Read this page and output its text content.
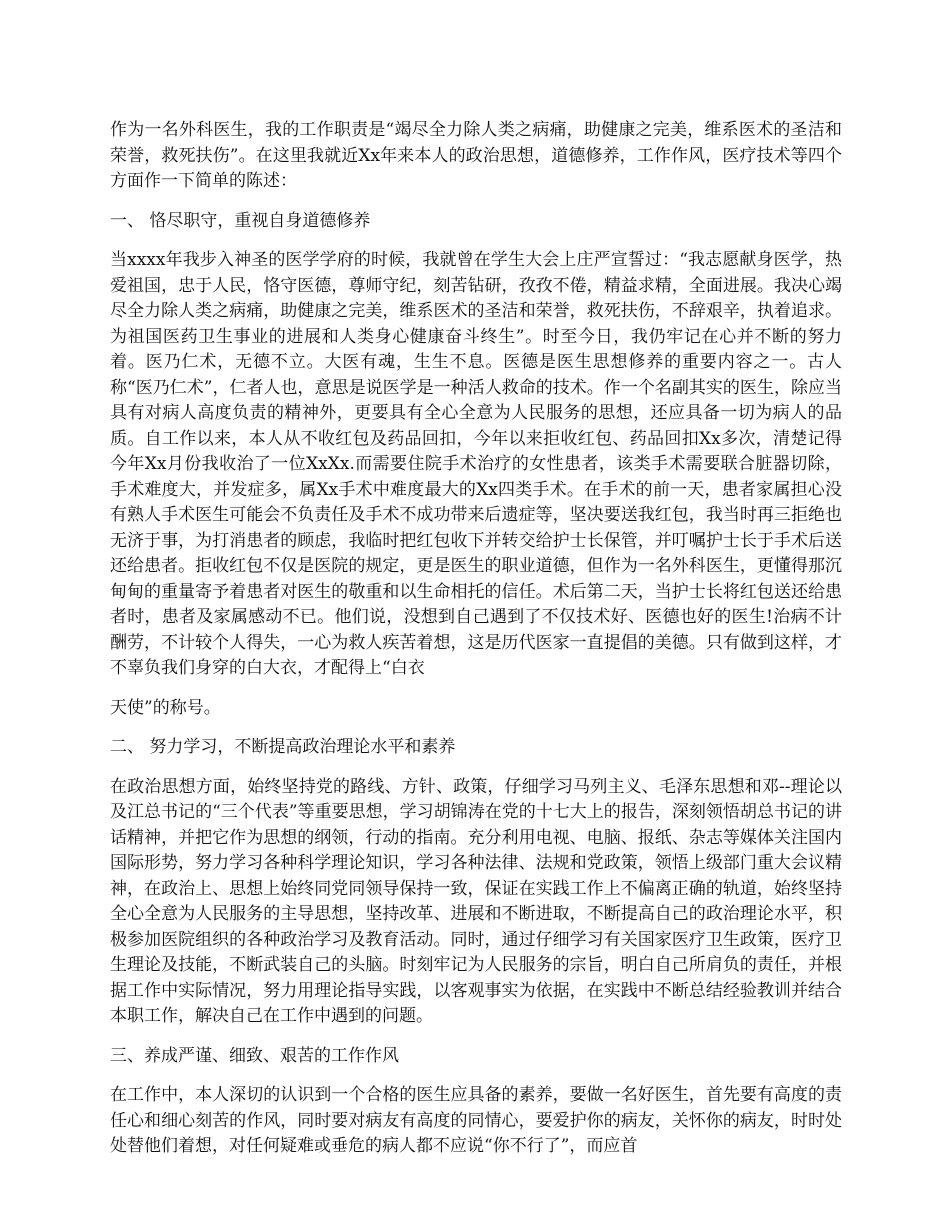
作为一名外科医生，我的工作职责是“竭尽全力除人类之病痛，助健康之完美，维系医术的圣洁和荣誉，救死扶伤”。在这里我就近Xx年来本人的政治思想，道德修养，工作作风，医疗技术等四个方面作一下简单的陈述：

一、 恪尽职守，重视自身道德修养

当xxxx年我步入神圣的医学学府的时候，我就曾在学生大会上庄严宣誓过：“我志愿献身医学，热爱祖国，忠于人民，恪守医德，尊师守纪，刻苦钻研，孜孜不倦，精益求精，全面进展。我决心竭尽全力除人类之病痛，助健康之完美，维系医术的圣洁和荣誉，救死扶伤，不辞艰辛，执着追求。为祖国医药卫生事业的进展和人类身心健康奋斗终生”。时至今日，我仍牢记在心并不断的努力着。医乃仁术，无德不立。大医有魂，生生不息。医德是医生思想修养的重要内容之一。古人称“医乃仁术”，仁者人也，意思是说医学是一种活人救命的技术。作一个名副其实的医生，除应当具有对病人高度负责的精神外，更要具有全心全意为人民服务的思想，还应具备一切为病人的品质。自工作以来，本人从不收红包及药品回扣，今年以来拒收红包、药品回扣Xx多次，清楚记得今年Xx月份我收治了一位XxXx.而需要住院手术治疗的女性患者，该类手术需要联合脏器切除，手术难度大，并发症多，属Xx手术中难度最大的Xx四类手术。在手术的前一天，患者家属担心没有熟人手术医生可能会不负责任及手术不成功带来后遗症等，坚决要送我红包，我当时再三拒绝也无济于事，为打消患者的顾虑，我临时把红包收下并转交给护士长保管，并叮嘱护士长于手术后送还给患者。拒收红包不仅是医院的规定，更是医生的职业道德，但作为一名外科医生，更懂得那沉甸甸的重量寄予着患者对医生的敬重和以生命相托的信任。术后第二天，当护士长将红包送还给患者时，患者及家属感动不已。他们说，没想到自己遇到了不仅技术好、医德也好的医生!治病不计酬劳，不计较个人得失，一心为救人疾苦着想，这是历代医家一直提倡的美德。只有做到这样，才不辜负我们身穿的白大衣，才配得上“白衣

天使”的称号。

二、 努力学习，不断提高政治理论水平和素养

在政治思想方面，始终坚持党的路线、方针、政策，仔细学习马列主义、毛泽东思想和邓--理论以及江总书记的“三个代表”等重要思想，学习胡锦涛在党的十七大上的报告，深刻领悟胡总书记的讲话精神，并把它作为思想的纲领，行动的指南。充分利用电视、电脑、报纸、杂志等媒体关注国内国际形势，努力学习各种科学理论知识，学习各种法律、法规和党政策，领悟上级部门重大会议精神，在政治上、思想上始终同党同领导保持一致，保证在实践工作上不偏离正确的轨道，始终坚持全心全意为人民服务的主导思想，坚持改革、进展和不断进取，不断提高自己的政治理论水平，积极参加医院组织的各种政治学习及教育活动。同时，通过仔细学习有关国家医疗卫生政策，医疗卫生理论及技能，不断武装自己的头脑。时刻牢记为人民服务的宗旨，明白自己所肩负的责任，并根据工作中实际情况，努力用理论指导实践，以客观事实为依据，在实践中不断总结经验教训并结合本职工作，解决自己在工作中遇到的问题。

三、养成严谨、细致、艰苦的工作作风

在工作中，本人深切的认识到一个合格的医生应具备的素养，要做一名好医生，首先要有高度的责任心和细心刻苦的作风，同时要对病友有高度的同情心，要爱护你的病友，关怀你的病友，时时处处替他们着想，对任何疑难或垂危的病人都不应说“你不行了”，而应首
